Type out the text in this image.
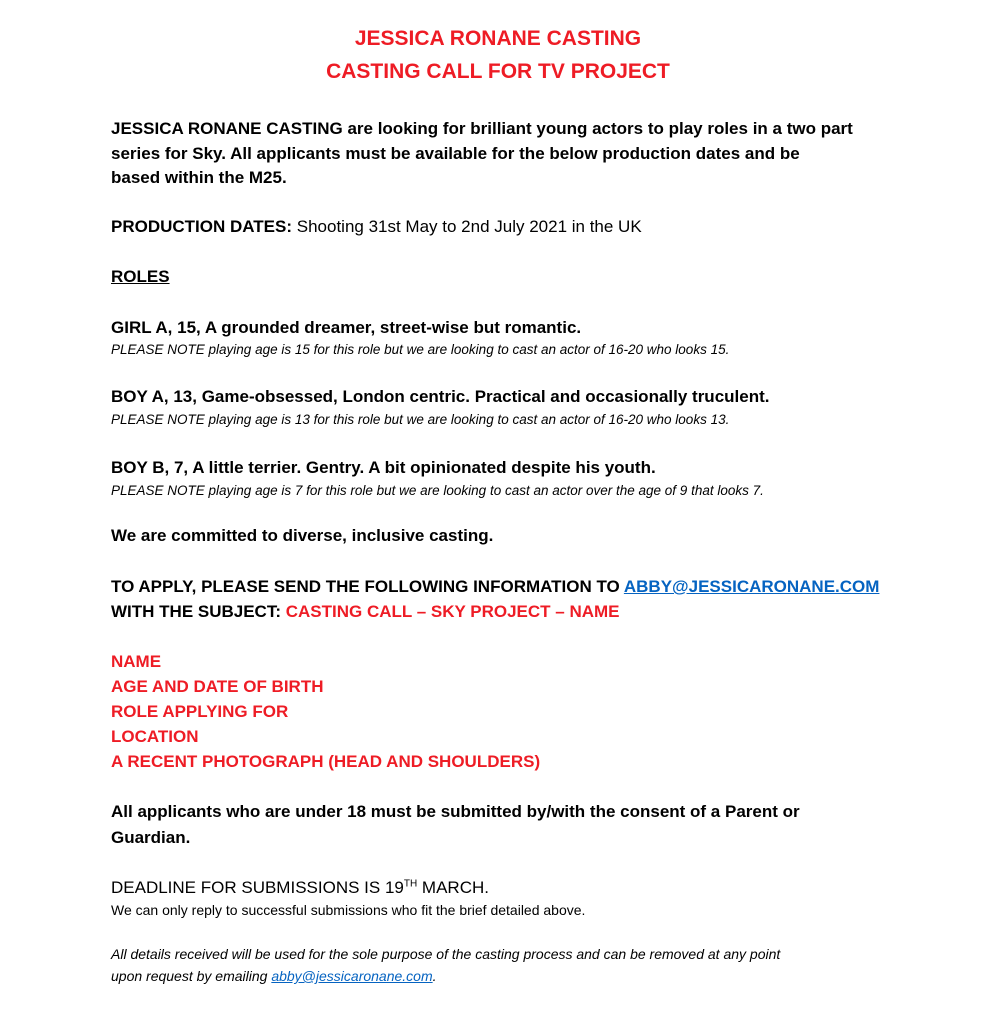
JESSICA RONANE CASTING
CASTING CALL FOR TV PROJECT
JESSICA RONANE CASTING are looking for brilliant young actors to play roles in a two part
series for Sky. All applicants must be available for the below production dates and be
based within the M25.
PRODUCTION DATES: Shooting 31st May to 2nd July 2021 in the UK
ROLES
GIRL A, 15, A grounded dreamer, street-wise but romantic.
PLEASE NOTE playing age is 15 for this role but we are looking to cast an actor of 16-20 who looks 15.
BOY A, 13, Game-obsessed, London centric. Practical and occasionally truculent.
PLEASE NOTE playing age is 13 for this role but we are looking to cast an actor of 16-20 who looks 13.
BOY B, 7, A little terrier. Gentry. A bit opinionated despite his youth.
PLEASE NOTE playing age is 7 for this role but we are looking to cast an actor over the age of 9 that looks 7.
We are committed to diverse, inclusive casting.
TO APPLY, PLEASE SEND THE FOLLOWING INFORMATION TO ABBY@JESSICARONANE.COM
WITH THE SUBJECT: CASTING CALL – SKY PROJECT – NAME
NAME
AGE AND DATE OF BIRTH
ROLE APPLYING FOR
LOCATION
A RECENT PHOTOGRAPH (HEAD AND SHOULDERS)
All applicants who are under 18 must be submitted by/with the consent of a Parent or
Guardian.
DEADLINE FOR SUBMISSIONS IS 19TH MARCH.
We can only reply to successful submissions who fit the brief detailed above.
All details received will be used for the sole purpose of the casting process and can be removed at any point
upon request by emailing abby@jessicaronane.com.
